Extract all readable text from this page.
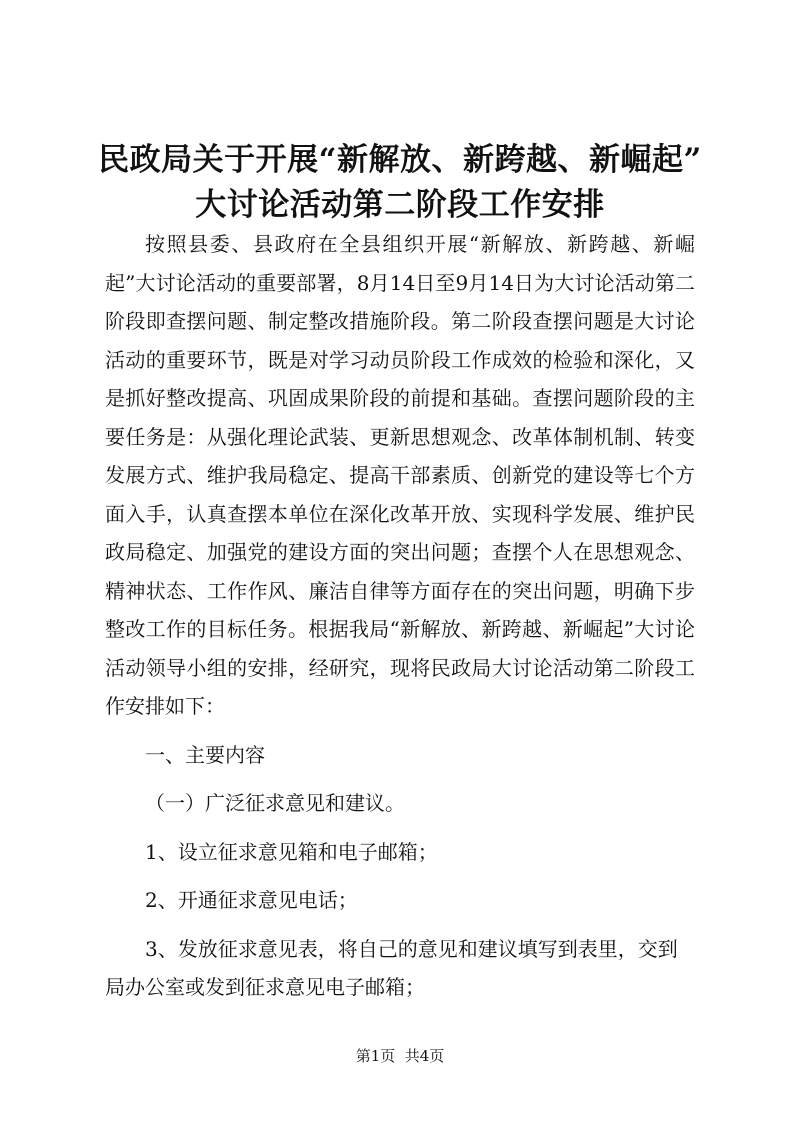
民政局关于开展“新解放、新跨越、新崛起”
大讨论活动第二阶段工作安排

按照县委、县政府在全县组织开展“新解放、新跨越、新崛起”大讨论活动的重要部署，8月14日至9月14日为大讨论活动第二阶段即查摆问题、制定整改措施阶段。第二阶段查摆问题是大讨论活动的重要环节，既是对学习动员阶段工作成效的检验和深化，又是抓好整改提高、巩固成果阶段的前提和基础。查摆问题阶段的主要任务是：从强化理论武装、更新思想观念、改革体制机制、转变发展方式、维护我局稳定、提高干部素质、创新党的建设等七个方面入手，认真查摆本单位在深化改革开放、实现科学发展、维护民政局稳定、加强党的建设方面的突出问题；查摆个人在思想观念、精神状态、工作作风、廉洁自律等方面存在的突出问题，明确下步整改工作的目标任务。根据我局“新解放、新跨越、新崛起”大讨论活动领导小组的安排，经研究，现将民政局大讨论活动第二阶段工作安排如下：

一、主要内容

（一）广泛征求意见和建议。

1、设立征求意见箱和电子邮箱；

2、开通征求意见电话；

3、发放征求意见表，将自己的意见和建议填写到表里，交到局办公室或发到征求意见电子邮箱；

第1页  共4页
